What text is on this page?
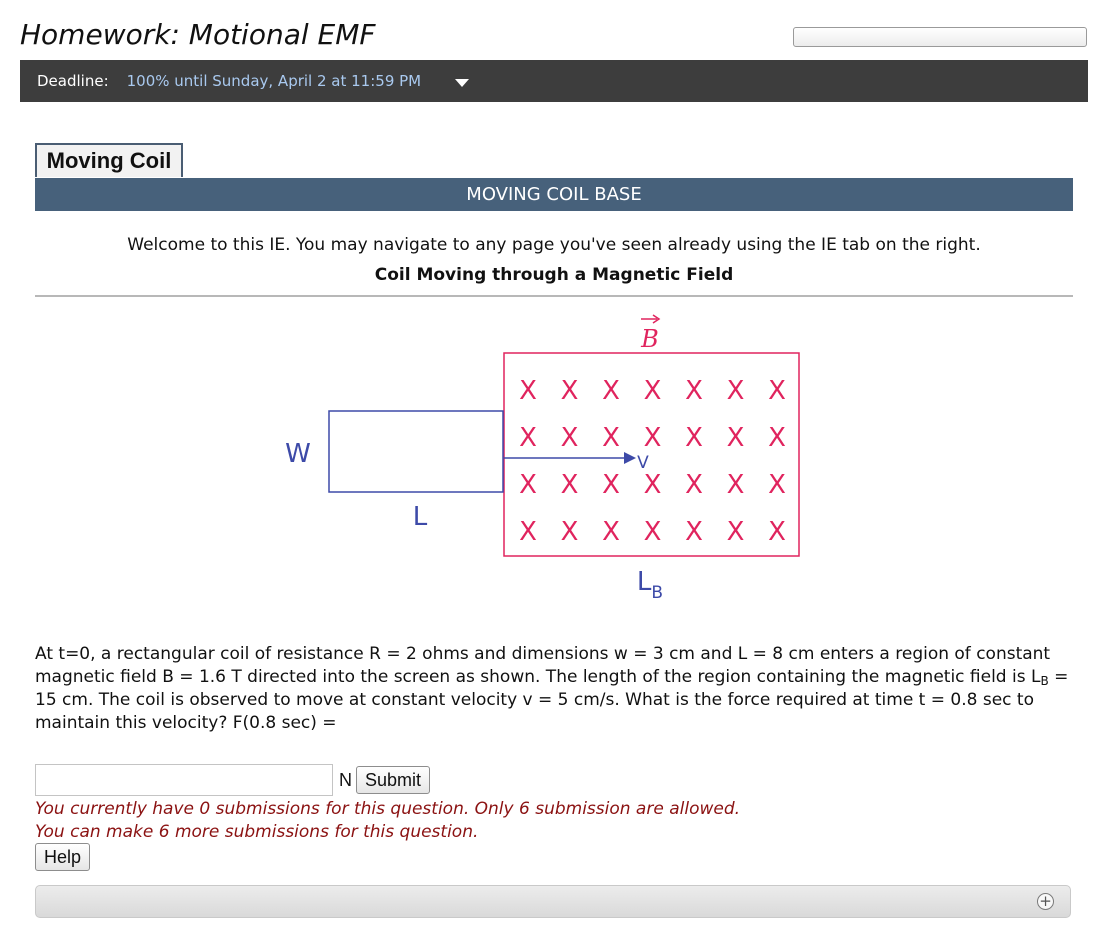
Homework: Motional EMF
Deadline: 100% until Sunday, April 2 at 11:59 PM
Moving Coil
MOVING COIL BASE
Welcome to this IE. You may navigate to any page you've seen already using the IE tab on the right.
Coil Moving through a Magnetic Field
B
X X X X X X X
X X X X X X X
X X X X X X X
X X X X X X X
W
L
V
$L_B$
At t=0, a rectangular coil of resistance R = 2 ohms and dimensions w = 3 cm and L = 8 cm enters a region of constant magnetic field B = 1.6 T directed into the screen as shown. The length of the region containing the magnetic field is $L_B = 15$ cm. The coil is observed to move at constant velocity v = 5 cm/s. What is the force required at time t = 0.8 sec to maintain this velocity? F(0.8 sec) =
N Submit
You currently have 0 submissions for this question. Only 6 submission are allowed.
You can make 6 more submissions for this question.
Help
+
